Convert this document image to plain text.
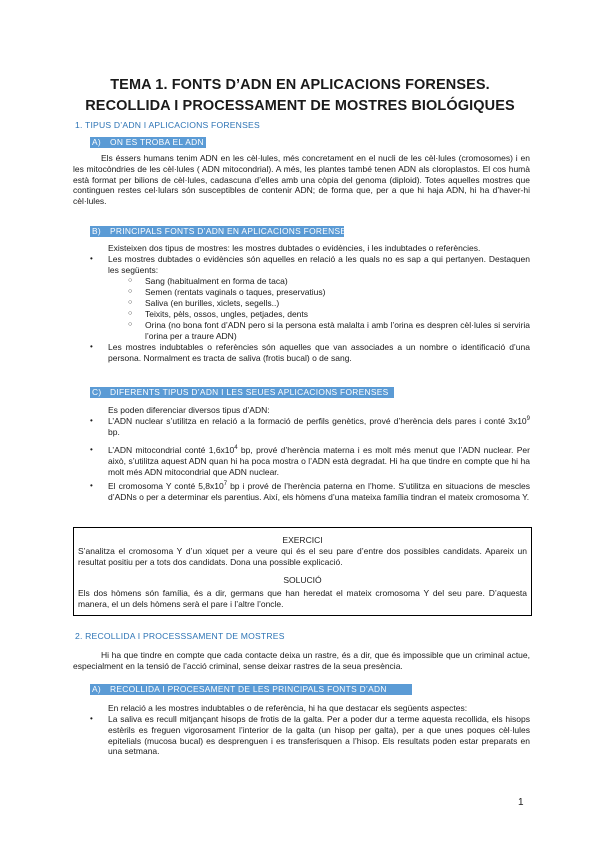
TEMA 1. FONTS D’ADN EN APLICACIONS FORENSES.
RECOLLIDA I PROCESSAMENT DE MOSTRES BIOLÓGIQUES
1. TIPUS D’ADN I APLICACIONS FORENSES
A) ON ES TROBA EL ADN
Els éssers humans tenim ADN en les cèl·lules, més concretament en el nucli de les cèl·lules (cromosomes) i en les mitocòndries de les cèl·lules ( ADN mitocondrial). A més, les plantes també tenen ADN als cloroplastos. El cos humà està format per bilions de cèl·lules, cadascuna d’elles amb una còpia del genoma (diploid). Totes aquelles mostres que continguen restes cel·lulars són susceptibles de contenir ADN; de forma que, per a que hi haja ADN, hi ha d’haver-hi cèl·lules.
B) PRINCIPALS FONTS D’ADN EN APLICACIONS FORENSES
Existeixen dos tipus de mostres: les mostres dubtades o evidències, i les indubtades o referències.
• Les mostres dubtades o evidències són aquelles en relació a les quals no es sap a qui pertanyen. Destaquen les següents:
○ Sang (habitualment en forma de taca)
○ Semen (rentats vaginals o taques, preservatius)
○ Saliva (en burilles, xiclets, segells..)
○ Teixits, pèls, ossos, ungles, petjades, dents
○ Orina (no bona font d’ADN pero si la persona està malalta i amb l’orina es despren cèl·lules si serviria l’orina per a traure ADN)
• Les mostres indubtables o referències són aquelles que van associades a un nombre o identificació d’una persona. Normalment es tracta de saliva (frotis bucal) o de sang.
C) DIFERENTS TIPUS D’ADN I LES SEUES APLICACIONS FORENSES
Es poden diferenciar diversos tipus d’ADN:
• L’ADN nuclear s’utilitza en relació a la formació de perfils genètics, prové d’herència dels pares i conté $3x10^9$ bp.
• L’ADN mitocondrial conté $1,6x10^4$ bp, prové d’herència materna i es molt més menut que l’ADN nuclear. Per això, s’utilitza aquest ADN quan hi ha poca mostra o l’ADN està degradat. Hi ha que tindre en compte que hi ha molt més ADN mitocondrial que ADN nuclear.
• El cromosoma Y conté $5,8x10^7$ bp i prové de l’herència paterna en l’home. S’utilitza en situacions de mescles d’ADNs o per a determinar els parentius. Així, els hòmens d’una mateixa família tindran el mateix cromosoma Y.
EXERCICI
S’analitza el cromosoma Y d’un xiquet per a veure qui és el seu pare d’entre dos possibles candidats. Apareix un resultat positiu per a tots dos candidats. Dona una possible explicació.
SOLUCIÓ
Els dos hòmens són família, és a dir, germans que han heredat el mateix cromosoma Y del seu pare. D’aquesta manera, el un dels hòmens serà el pare i l’altre l’oncle.
2. RECOLLIDA I PROCESSSAMENT DE MOSTRES
Hi ha que tindre en compte que cada contacte deixa un rastre, és a dir, que és impossible que un criminal actue, especialment en la tensió de l’acció criminal, sense deixar rastres de la seua presència.
A) RECOLLIDA I PROCESAMENT DE LES PRINCIPALS FONTS D’ADN
En relació a les mostres indubtables o de referència, hi ha que destacar els següents aspectes:
• La saliva es recull mitjançant hisops de frotis de la galta. Per a poder dur a terme aquesta recollida, els hisops estèrils es freguen vigorosament l’interior de la galta (un hisop per galta), per a que unes poques cèl·lules epitelials (mucosa bucal) es desprenguen i es transferisquen a l’hisop. Els resultats poden estar preparats en una setmana.
1
